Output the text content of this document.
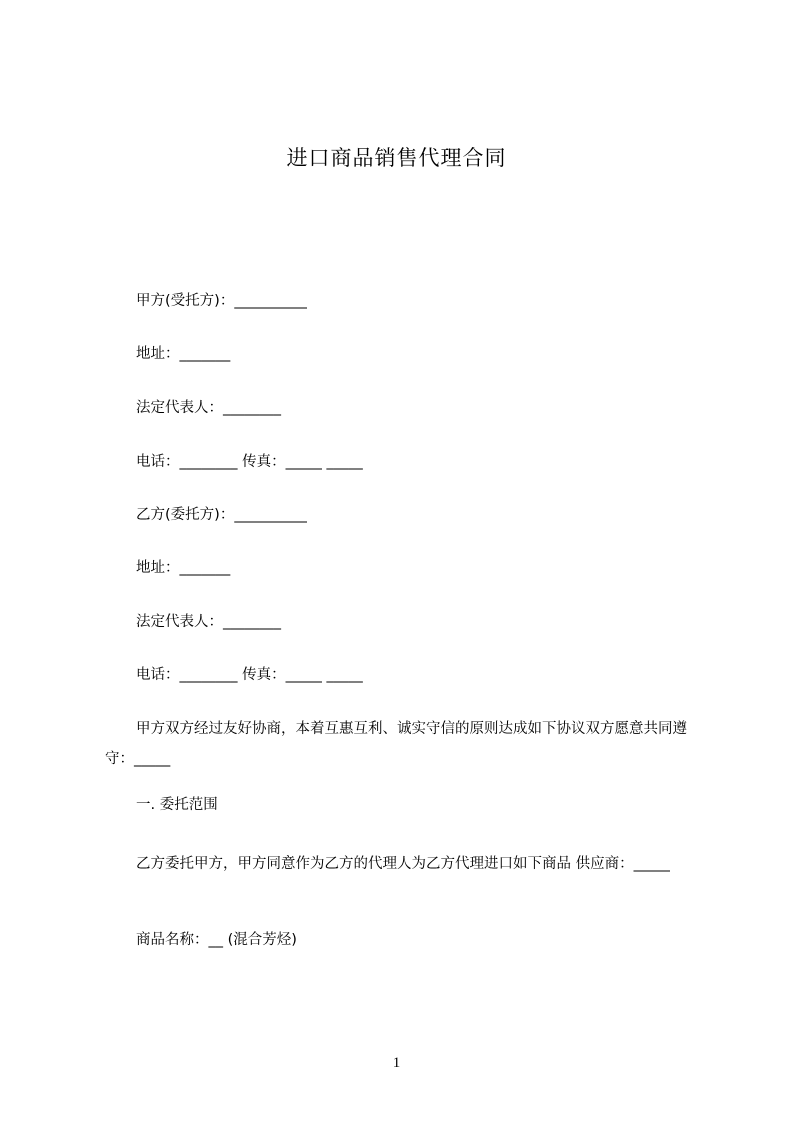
进口商品销售代理合同
甲方(受托方)：__________
地址：_______
法定代表人：________
电话：________ 传真：_____ _____
乙方(委托方)：__________
地址：_______
法定代表人：________
电话：________ 传真：_____ _____
甲方双方经过友好协商，本着互惠互利、诚实守信的原则达成如下协议双方愿意共同遵守：_____
一. 委托范围
乙方委托甲方，甲方同意作为乙方的代理人为乙方代理进口如下商品 供应商：_____
商品名称：__ (混合芳烃)
1
